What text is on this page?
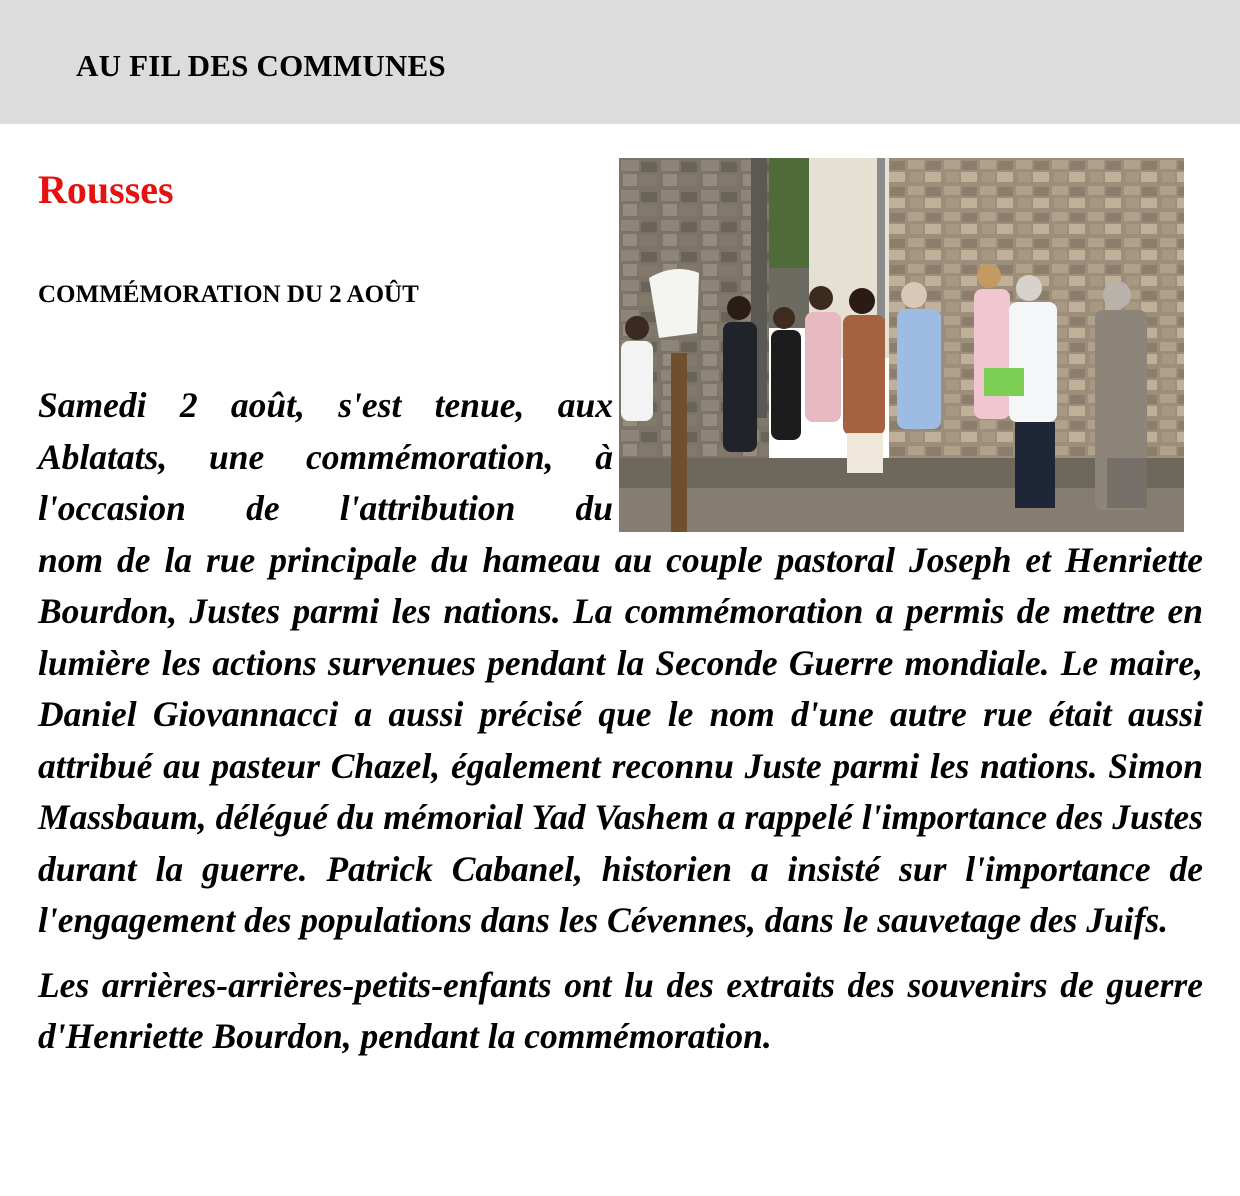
AU FIL DES COMMUNES
Rousses
COMMÉMORATION DU 2 AOÛT
Samedi 2 août, s'est tenue, aux
Ablatats, une commémoration, à
l'occasion de l'attribution du

nom de la rue principale du hameau au couple pastoral Joseph et Henriette Bourdon, Justes parmi les nations. La commémoration a permis de mettre en lumière les actions survenues pendant la Seconde Guerre mondiale. Le maire, Daniel Giovannacci a aussi précisé que le nom d'une autre rue était aussi attribué au pasteur Chazel, également reconnu Juste parmi les nations. Simon Massbaum, délégué du mémorial Yad Vashem a rappelé l'importance des Justes durant la guerre. Patrick Cabanel, historien a insisté sur l'importance de l'engagement des populations dans les Cévennes, dans le sauvetage des Juifs.

Les arrières-arrières-petits-enfants ont lu des extraits des souvenirs de guerre d'Henriette Bourdon, pendant la commémoration.
